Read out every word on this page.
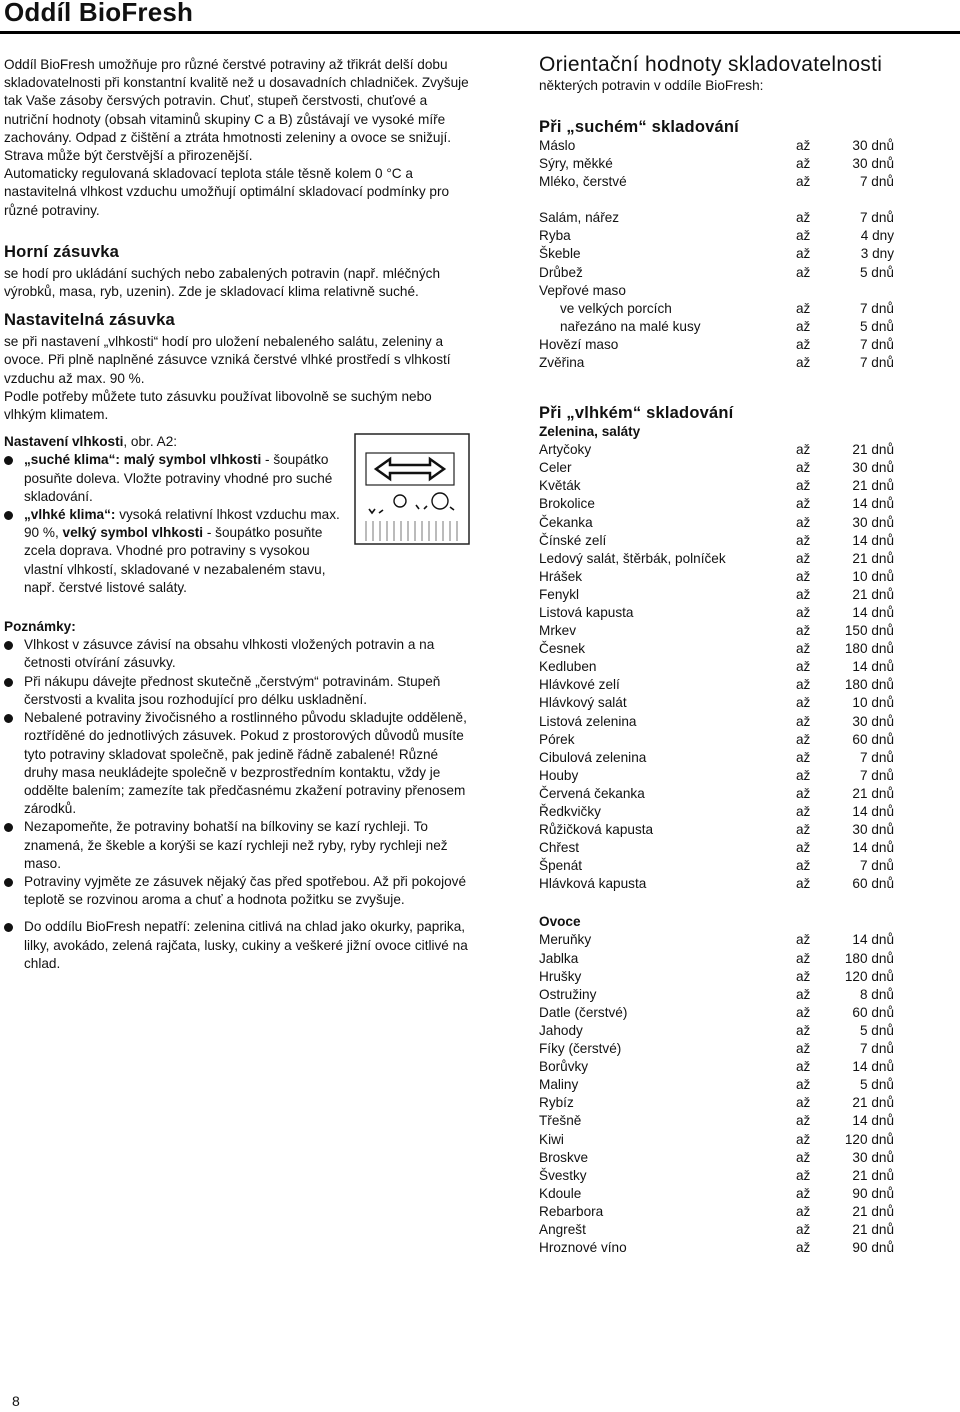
Oddíl BioFresh

Oddíl BioFresh umožňuje pro různé čerstvé potraviny až třikrát delší dobu skladovatelnosti při konstantní kvalitě než u dosavadních chladniček. Zvyšuje tak Vaše zásoby čersvých potravin. Chuť, stupeň čerstvosti, chuťové a nutriční hodnoty (obsah vitaminů skupiny C a B) zůstávají ve vysoké míře zachovány. Odpad z čištění a ztráta hmotnosti zeleniny a ovoce se snižují. Strava může být čerstvější a přirozenější.

Automaticky regulovaná skladovací teplota stále těsně kolem 0 °C a nastavitelná vlhkost vzduchu umožňují optimální skladovací podmínky pro různé potraviny.

Horní zásuvka

se hodí pro ukládání suchých nebo zabalených potravin (např. mléčných výrobků, masa, ryb, uzenin). Zde je skladovací klima relativně suché.

Nastavitelná zásuvka

se při nastavení „vlhkosti“ hodí pro uložení nebaleného salátu, zeleniny a ovoce. Při plně naplněné zásuvce vzniká čerstvé vlhké prostředí s vlhkostí vzduchu až max. 90 %.

Podle potřeby můžete tuto zásuvku používat libovolně se suchým nebo vlhkým klimatem.

Nastavení vlhkosti, obr. A2:

„suché klima“: malý symbol vlhkosti - šoupátko posuňte doleva. Vložte potraviny vhodné pro suché skladování.
„vlhké klima“: vysoká relativní lhkost vzduchu max. 90 %, velký symbol vlhkosti - šoupátko posuňte zcela doprava. Vhodné pro potraviny s vysokou vlastní vlhkostí, skladované v nezabaleném stavu, např. čerstvé listové saláty.

Poznámky:

Vlhkost v zásuvce závisí na obsahu vlhkosti vložených potravin a na četnosti otvírání zásuvky.
Při nákupu dávejte přednost skutečně „čerstvým“ potravinám. Stupeň čerstvosti a kvalita jsou rozhodující pro délku uskladnění.
Nebalené potraviny živočisného a rostlinného původu skladujte odděleně, roztříděné do jednotlivých zásuvek. Pokud z prostorových důvodů musíte tyto potraviny skladovat společně, pak jedině řádně zabalené! Různé druhy masa neukládejte společně v bezprostředním kontaktu, vždy je oddělte balením; zamezíte tak předčasnému zkažení potraviny přenosem zárodků.
Nezapomeňte, že potraviny bohatší na bílkoviny se kazí rychleji. To znamená, že škeble a korýši se kazí rychleji než ryby, ryby rychleji než maso.
Potraviny vyjměte ze zásuvek nějaký čas před spotřebou. Až při pokojové teplotě se rozvinou aroma a chuť a hodnota požitku se zvyšuje.
Do oddílu BioFresh nepatří: zelenina citlivá na chlad jako okurky, paprika, lilky, avokádo, zelená rajčata, lusky, cukiny a veškeré jižní ovoce citlivé na chlad.
Orientační hodnoty skladovatelnosti
některých potravin v oddíle BioFresh:
Při „suchém“ skladování
Máslo	až	30 dnů
Sýry, měkké	až	30 dnů
Mléko, čerstvé	až	7 dnů
Salám, nářez	až	7 dnů
Ryba	až	4 dny
Škeble	až	3 dny
Drůbež	až	5 dnů
Vepřové maso
ve velkých porcích	až	7 dnů
nařezáno na malé kusy	až	5 dnů
Hovězí maso	až	7 dnů
Zvěřina	až	7 dnů
Při „vlhkém“ skladování
Zelenina, saláty
Artyčoky	až	21 dnů
Celer	až	30 dnů
Květák	až	21 dnů
Brokolice	až	14 dnů
Čekanka	až	30 dnů
Čínské zelí	až	14 dnů
Ledový salát, štěrbák, polníček	až	21 dnů
Hrášek	až	10 dnů
Fenykl	až	21 dnů
Listová kapusta	až	14 dnů
Mrkev	až	150 dnů
Česnek	až	180 dnů
Kedluben	až	14 dnů
Hlávkové zelí	až	180 dnů
Hlávkový salát	až	10 dnů
Listová zelenina	až	30 dnů
Pórek	až	60 dnů
Cibulová zelenina	až	7 dnů
Houby	až	7 dnů
Červená čekanka	až	21 dnů
Ředkvičky	až	14 dnů
Růžičková kapusta	až	30 dnů
Chřest	až	14 dnů
Špenát	až	7 dnů
Hlávková kapusta	až	60 dnů
Ovoce
Meruňky	až	14 dnů
Jablka	až	180 dnů
Hrušky	až	120 dnů
Ostružiny	až	8 dnů
Datle (čerstvé)	až	60 dnů
Jahody	až	5 dnů
Fíky (čerstvé)	až	7 dnů
Borůvky	až	14 dnů
Maliny	až	5 dnů
Rybíz	až	21 dnů
Třešně	až	14 dnů
Kiwi	až	120 dnů
Broskve	až	30 dnů
Švestky	až	21 dnů
Kdoule	až	90 dnů
Rebarbora	až	21 dnů
Angrešt	až	21 dnů
Hroznové víno	až	90 dnů
8
